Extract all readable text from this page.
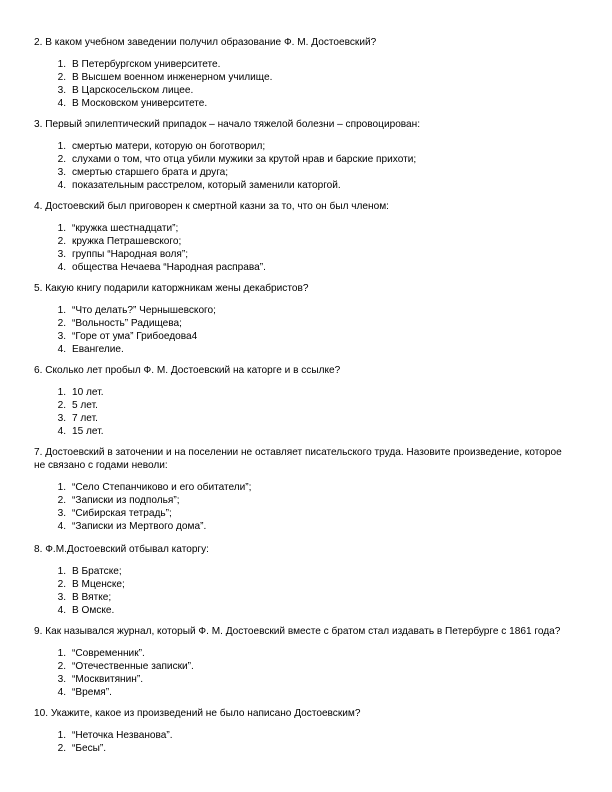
2. В каком учебном заведении получил образование Ф. М. Достоевский?

1. В Петербургском университете.
2. В Высшем военном инженерном училище.
3. В Царскосельском лицее.
4. В Московском университете.

3. Первый эпилептический припадок – начало тяжелой болезни – спровоцирован:

1. смертью матери, которую он боготворил;
2. слухами о том, что отца убили мужики за крутой нрав и барские прихоти;
3. смертью старшего брата и друга;
4. показательным расстрелом, который заменили каторгой.

4. Достоевский был приговорен к смертной казни за то, что он был членом:

1. “кружка шестнадцати”;
2. кружка Петрашевского;
3. группы “Народная воля”;
4. общества Нечаева “Народная расправа”.

5. Какую книгу подарили каторжникам жены декабристов?

1. “Что делать?” Чернышевского;
2. “Вольность” Радищева;
3. “Горе от ума” Грибоедова4
4. Евангелие.

6. Сколько лет пробыл Ф. М. Достоевский на каторге и в ссылке?

1. 10 лет.
2. 5 лет.
3. 7 лет.
4. 15 лет.

7. Достоевский в заточении и на поселении не оставляет писательского труда. Назовите произведение, которое
не связано с годами неволи:

1. “Село Степанчиково и его обитатели”;
2. “Записки из подполья”;
3. “Сибирская тетрадь”;
4. “Записки из Мертвого дома”.

8. Ф.М.Достоевский отбывал каторгу:

1. В Братске;
2. В Мценске;
3. В Вятке;
4. В Омске.

9. Как назывался журнал, который Ф. М. Достоевский вместе с братом стал издавать в Петербурге с 1861 года?

1. “Современник”.
2. “Отечественные записки”.
3. “Москвитянин”.
4. “Время”.

10. Укажите, какое из произведений не было написано Достоевским?

1. “Неточка Незванова”.
2. “Бесы”.
